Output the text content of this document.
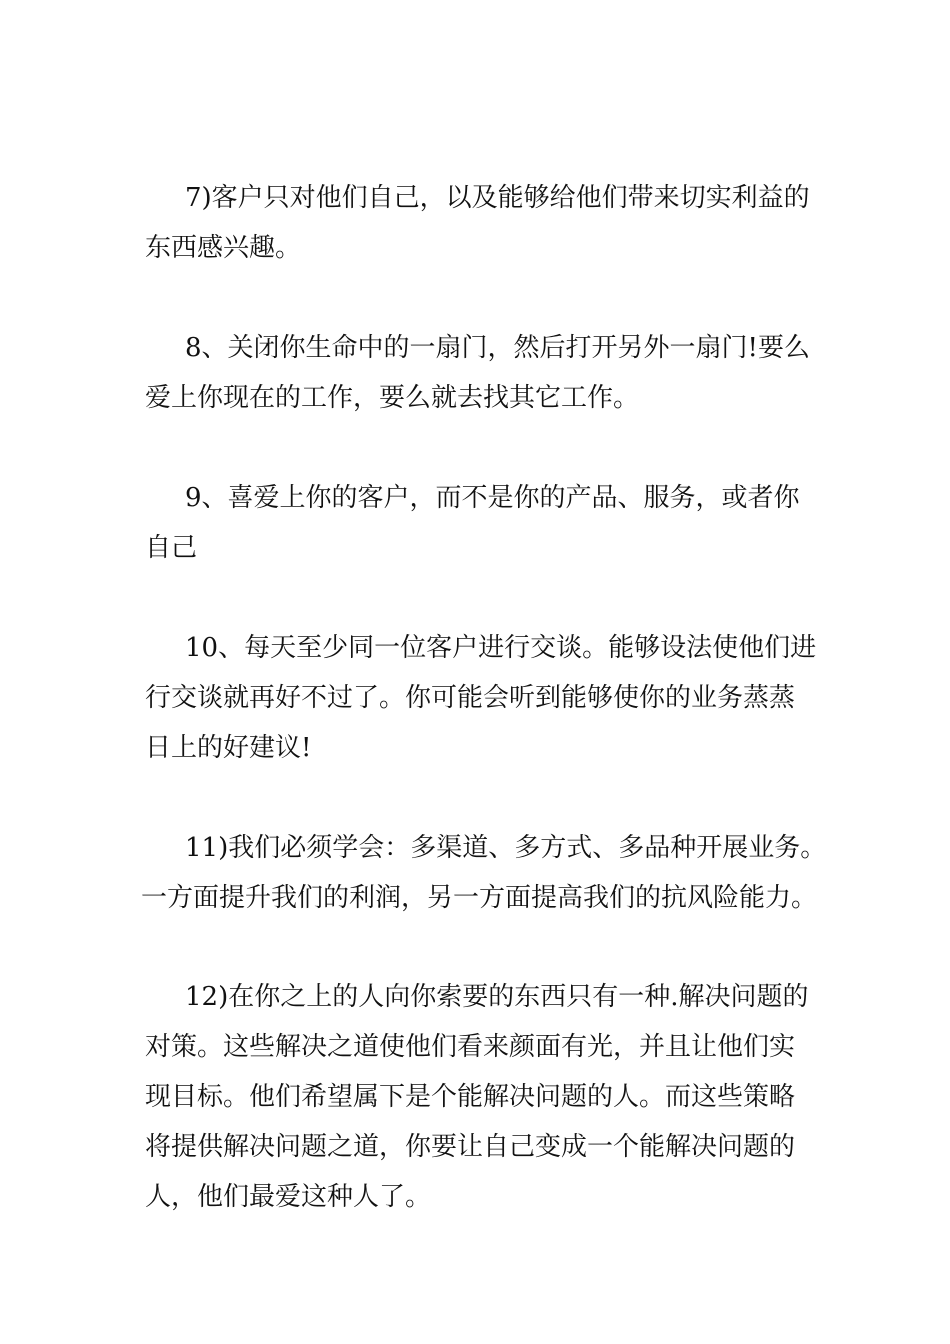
7)客户只对他们自己，以及能够给他们带来切实利益的
东西感兴趣。
8、关闭你生命中的一扇门，然后打开另外一扇门!要么
爱上你现在的工作，要么就去找其它工作。
9、喜爱上你的客户，而不是你的产品、服务，或者你
自己
10、每天至少同一位客户进行交谈。能够设法使他们进
行交谈就再好不过了。你可能会听到能够使你的业务蒸蒸
日上的好建议!
11)我们必须学会：多渠道、多方式、多品种开展业务。
一方面提升我们的利润，另一方面提高我们的抗风险能力。
12)在你之上的人向你索要的东西只有一种.解决问题的
对策。这些解决之道使他们看来颜面有光，并且让他们实
现目标。他们希望属下是个能解决问题的人。而这些策略
将提供解决问题之道，你要让自己变成一个能解决问题的
人，他们最爱这种人了。
